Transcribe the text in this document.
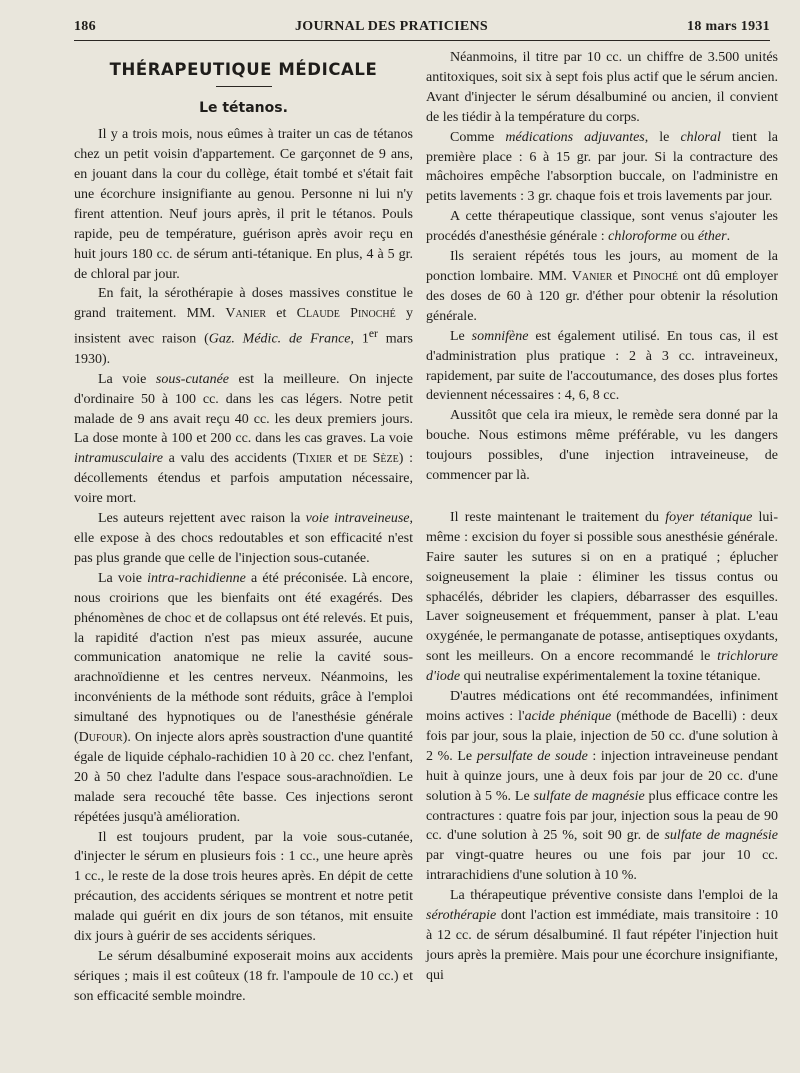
186	JOURNAL DES PRATICIENS	18 mars 1931
THÉRAPEUTIQUE MÉDICALE
Le tétanos.

Il y a trois mois, nous eûmes à traiter un cas de tétanos chez un petit voisin d'appartement. Ce garçonnet de 9 ans, en jouant dans la cour du collège, était tombé et s'était fait une écorchure insignifiante au genou. Personne ni lui n'y firent attention. Neuf jours après, il prit le tétanos. Pouls rapide, peu de température, guérison après avoir reçu en huit jours 180 cc. de sérum anti-tétanique. En plus, 4 à 5 gr. de chloral par jour.

En fait, la sérothérapie à doses massives constitue le grand traitement. MM. Vanier et Claude Pinoché y insistent avec raison (Gaz. Médic. de France, 1er mars 1930).

La voie sous-cutanée est la meilleure. On injecte d'ordinaire 50 à 100 cc. dans les cas légers. Notre petit malade de 9 ans avait reçu 40 cc. les deux premiers jours. La dose monte à 100 et 200 cc. dans les cas graves. La voie intramusculaire a valu des accidents (Tixier et de Sèze) : décollements étendus et parfois amputation nécessaire, voire mort.

Les auteurs rejettent avec raison la voie intraveineuse, elle expose à des chocs redoutables et son efficacité n'est pas plus grande que celle de l'injection sous-cutanée.

La voie intra-rachidienne a été préconisée. Là encore, nous croirions que les bienfaits ont été exagérés. Des phénomènes de choc et de collapsus ont été relevés. Et puis, la rapidité d'action n'est pas mieux assurée, aucune communication anatomique ne relie la cavité sous-arachnoïdienne et les centres nerveux. Néanmoins, les inconvénients de la méthode sont réduits, grâce à l'emploi simultané des hypnotiques ou de l'anesthésie générale (Dufour). On injecte alors après soustraction d'une quantité égale de liquide céphalo-rachidien 10 à 20 cc. chez l'enfant, 20 à 50 chez l'adulte dans l'espace sous-arachnoïdien. Le malade sera recouché tête basse. Ces injections seront répétées jusqu'à amélioration.

Il est toujours prudent, par la voie sous-cutanée, d'injecter le sérum en plusieurs fois : 1 cc., une heure après 1 cc., le reste de la dose trois heures après. En dépit de cette précaution, des accidents sériques se montrent et notre petit malade qui guérit en dix jours de son tétanos, mit ensuite dix jours à guérir de ses accidents sériques.

Le sérum désalbuminé exposerait moins aux accidents sériques ; mais il est coûteux (18 fr. l'ampoule de 10 cc.) et son efficacité semble moindre.

Néanmoins, il titre par 10 cc. un chiffre de 3.500 unités antitoxiques, soit six à sept fois plus actif que le sérum ancien. Avant d'injecter le sérum désalbuminé ou ancien, il convient de les tiédir à la température du corps.

Comme médications adjuvantes, le chloral tient la première place : 6 à 15 gr. par jour. Si la contracture des mâchoires empêche l'absorption buccale, on l'administre en petits lavements : 3 gr. chaque fois et trois lavements par jour.

A cette thérapeutique classique, sont venus s'ajouter les procédés d'anesthésie générale : chloroforme ou éther.

Ils seraient répétés tous les jours, au moment de la ponction lombaire. MM. Vanier et Pinoché ont dû employer des doses de 60 à 120 gr. d'éther pour obtenir la résolution générale.

Le somnifène est également utilisé. En tous cas, il est d'administration plus pratique : 2 à 3 cc. intraveineux, rapidement, par suite de l'accoutumance, des doses plus fortes deviennent nécessaires : 4, 6, 8 cc.

Aussitôt que cela ira mieux, le remède sera donné par la bouche. Nous estimons même préférable, vu les dangers toujours possibles, d'une injection intraveineuse, de commencer par là.

Il reste maintenant le traitement du foyer tétanique lui-même : excision du foyer si possible sous anesthésie générale. Faire sauter les sutures si on en a pratiqué ; éplucher soigneusement la plaie : éliminer les tissus contus ou sphacélés, débrider les clapiers, débarrasser des esquilles. Laver soigneusement et fréquemment, panser à plat. L'eau oxygénée, le permanganate de potasse, antiseptiques oxydants, sont les meilleurs. On a encore recommandé le trichlorure d'iode qui neutralise expérimentalement la toxine tétanique.

D'autres médications ont été recommandées, infiniment moins actives : l'acide phénique (méthode de Bacelli) : deux fois par jour, sous la plaie, injection de 50 cc. d'une solution à 2 %. Le persulfate de soude : injection intraveineuse pendant huit à quinze jours, une à deux fois par jour de 20 cc. d'une solution à 5 %. Le sulfate de magnésie plus efficace contre les contractures : quatre fois par jour, injection sous la peau de 90 cc. d'une solution à 25 %, soit 90 gr. de sulfate de magnésie par vingt-quatre heures ou une fois par jour 10 cc. intrarachidiens d'une solution à 10 %.

La thérapeutique préventive consiste dans l'emploi de la sérothérapie dont l'action est immédiate, mais transitoire : 10 à 12 cc. de sérum désalbuminé. Il faut répéter l'injection huit jours après la première. Mais pour une écorchure insignifiante, qui
